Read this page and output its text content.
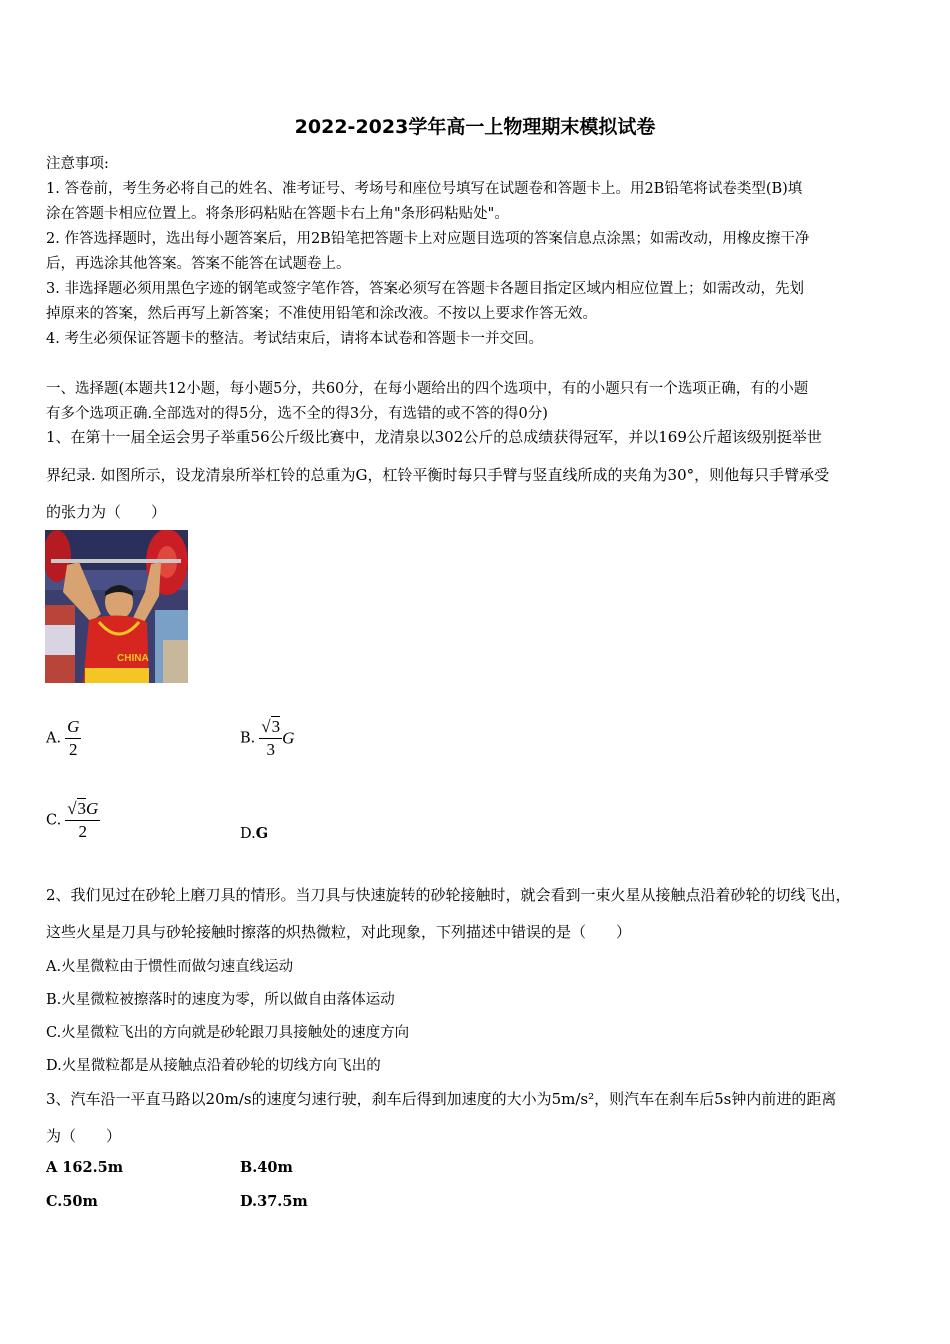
2022-2023学年高一上物理期末模拟试卷
注意事项:
1. 答卷前，考生务必将自己的姓名、准考证号、考场号和座位号填写在试题卷和答题卡上。用2B铅笔将试卷类型(B)填
涂在答题卡相应位置上。将条形码粘贴在答题卡右上角"条形码粘贴处"。
2. 作答选择题时，选出每小题答案后，用2B铅笔把答题卡上对应题目选项的答案信息点涂黑；如需改动，用橡皮擦干净
后，再选涂其他答案。答案不能答在试题卷上。
3. 非选择题必须用黑色字迹的钢笔或签字笔作答，答案必须写在答题卡各题目指定区域内相应位置上；如需改动，先划
掉原来的答案，然后再写上新答案；不准使用铅笔和涂改液。不按以上要求作答无效。
4. 考生必须保证答题卡的整洁。考试结束后，请将本试卷和答题卡一并交回。
一、选择题(本题共12小题，每小题5分，共60分，在每小题给出的四个选项中，有的小题只有一个选项正确，有的小题
有多个选项正确.全部选对的得5分，选不全的得3分，有选错的或不答的得0分)
1、在第十一届全运会男子举重56公斤级比赛中，龙清泉以302公斤的总成绩获得冠军，并以169公斤超该级别挺举世
界纪录. 如图所示，设龙清泉所举杠铃的总重为G，杠铃平衡时每只手臂与竖直线所成的夹角为30°，则他每只手臂承受
的张力为（　　）
CHINA
A. $\frac{G}{2}$	B. $\frac{√3}{3}$ G
C. $\frac{√3G}{2}$	D.G
2、我们见过在砂轮上磨刀具的情形。当刀具与快速旋转的砂轮接触时，就会看到一束火星从接触点沿着砂轮的切线飞出，
这些火星是刀具与砂轮接触时擦落的炽热微粒，对此现象，下列描述中错误的是（　　）
A.火星微粒由于惯性而做匀速直线运动
B.火星微粒被擦落时的速度为零，所以做自由落体运动
C.火星微粒飞出的方向就是砂轮跟刀具接触处的速度方向
D.火星微粒都是从接触点沿着砂轮的切线方向飞出的
3、汽车沿一平直马路以20m/s的速度匀速行驶，刹车后得到加速度的大小为5m/s²，则汽车在刹车后5s钟内前进的距离
为（　　）
A 162.5m	B.40m
C.50m	D.37.5m
